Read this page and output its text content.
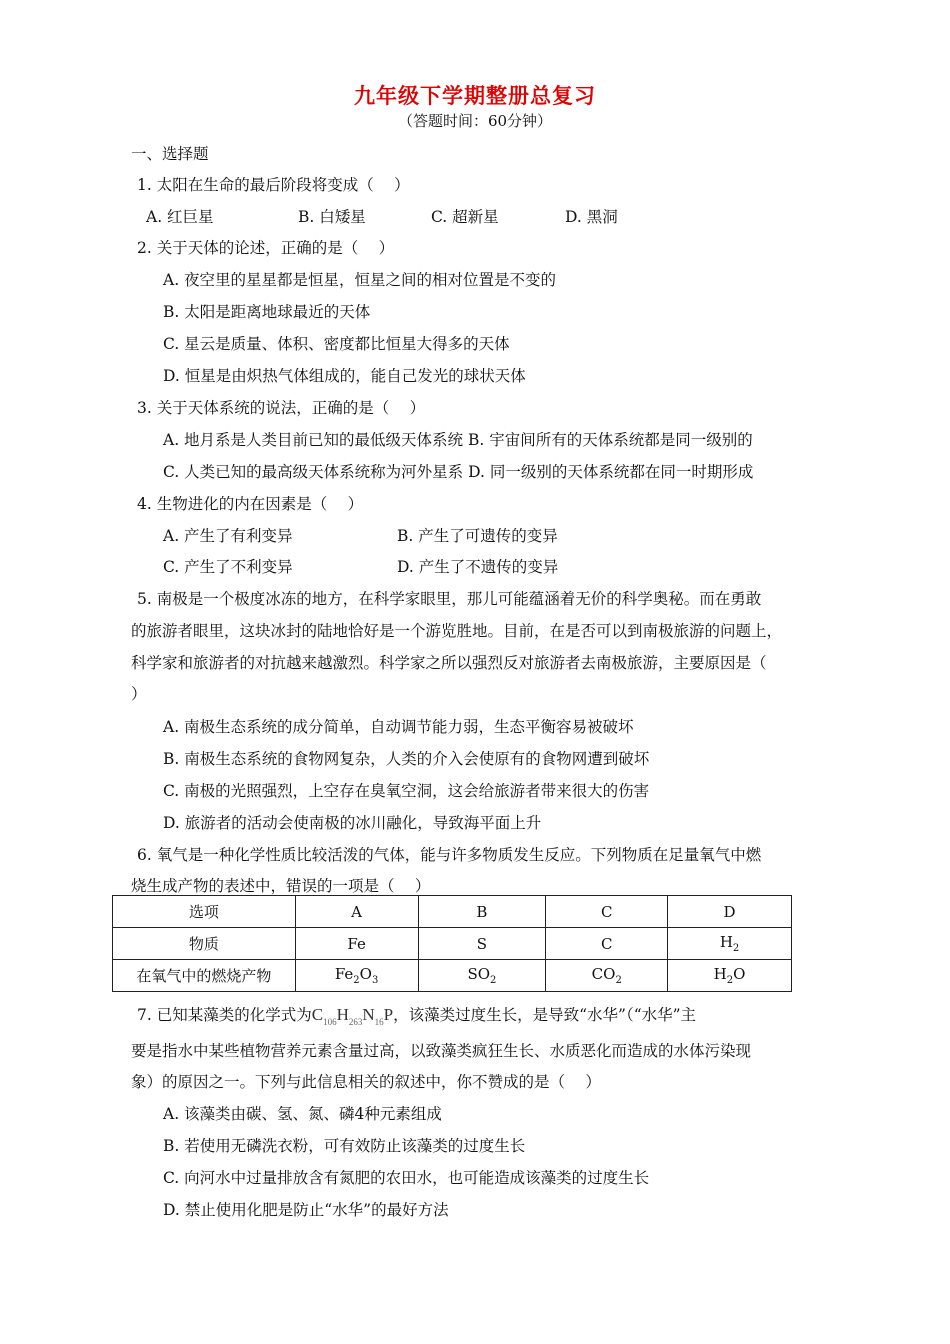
九年级下学期整册总复习
（答题时间：60分钟）
一、选择题
1. 太阳在生命的最后阶段将变成（　 ）
A. 红巨星	B. 白矮星	C. 超新星	D. 黑洞
2. 关于天体的论述，正确的是（　 ）
A. 夜空里的星星都是恒星，恒星之间的相对位置是不变的
B. 太阳是距离地球最近的天体
C. 星云是质量、体积、密度都比恒星大得多的天体
D. 恒星是由炽热气体组成的，能自己发光的球状天体
3. 关于天体系统的说法，正确的是（　 ）
A. 地月系是人类目前已知的最低级天体系统 B. 宇宙间所有的天体系统都是同一级别的
C. 人类已知的最高级天体系统称为河外星系 D. 同一级别的天体系统都在同一时期形成
4. 生物进化的内在因素是（　 ）
A. 产生了有利变异	B. 产生了可遗传的变异
C. 产生了不利变异	D. 产生了不遗传的变异
5. 南极是一个极度冰冻的地方，在科学家眼里，那儿可能蕴涵着无价的科学奥秘。而在勇敢
的旅游者眼里，这块冰封的陆地恰好是一个游览胜地。目前，在是否可以到南极旅游的问题上，
科学家和旅游者的对抗越来越激烈。科学家之所以强烈反对旅游者去南极旅游，主要原因是（
）
A. 南极生态系统的成分简单，自动调节能力弱，生态平衡容易被破坏
B. 南极生态系统的食物网复杂，人类的介入会使原有的食物网遭到破坏
C. 南极的光照强烈，上空存在臭氧空洞，这会给旅游者带来很大的伤害
D. 旅游者的活动会使南极的冰川融化，导致海平面上升
6. 氧气是一种化学性质比较活泼的气体，能与许多物质发生反应。下列物质在足量氧气中燃
烧生成产物的表述中，错误的一项是（　 ）
选项	A	B	C	D
物质	Fe	S	C	$H_2$
在氧气中的燃烧产物	$Fe_2O_3$	$SO_2$	$CO_2$	$H_2O$
7. 已知某藻类的化学式为$C_{106}H_{263}N_{16}P$，该藻类过度生长，是导致“水华”（“水华”主
要是指水中某些植物营养元素含量过高，以致藻类疯狂生长、水质恶化而造成的水体污染现
象）的原因之一。下列与此信息相关的叙述中，你不赞成的是（　 ）
A. 该藻类由碳、氢、氮、磷4种元素组成
B. 若使用无磷洗衣粉，可有效防止该藻类的过度生长
C. 向河水中过量排放含有氮肥的农田水，也可能造成该藻类的过度生长
D. 禁止使用化肥是防止“水华”的最好方法
